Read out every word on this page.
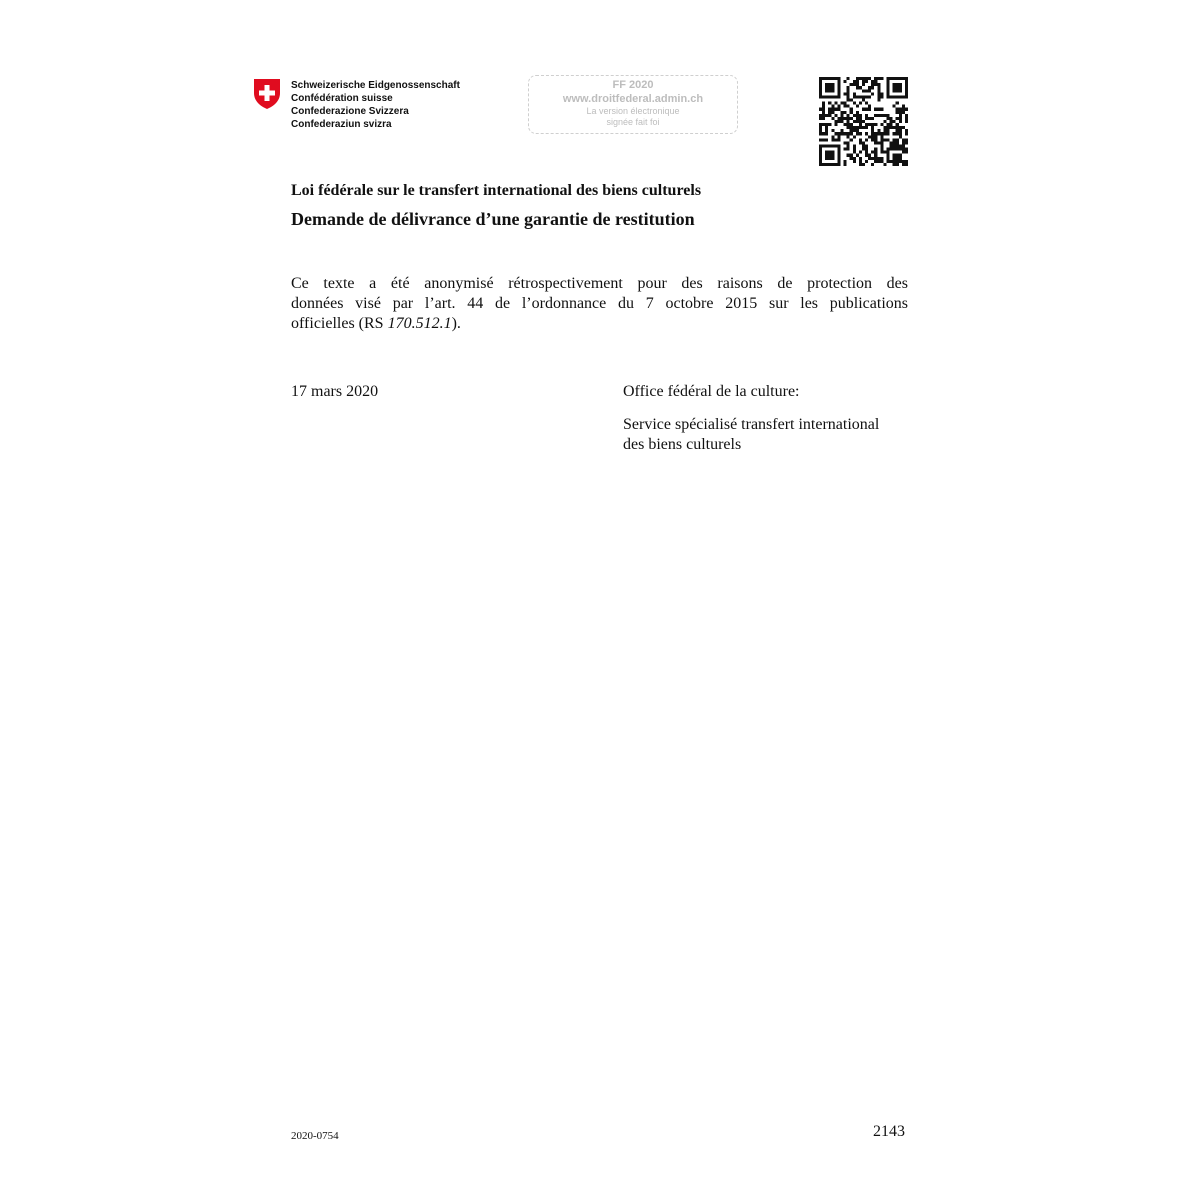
Schweizerische Eidgenossenschaft
Confédération suisse
Confederazione Svizzera
Confederaziun svizra
FF 2020
www.droitfederal.admin.ch
La version électronique
signée fait foi
Loi fédérale sur le transfert international des biens culturels
Demande de délivrance d’une garantie de restitution
Ce texte a été anonymisé rétrospectivement pour des raisons de protection des
données visé par l’art. 44 de l’ordonnance du 7 octobre 2015 sur les publications
officielles (RS 170.512.1).
17 mars 2020	Office fédéral de la culture:
Service spécialisé transfert international
des biens culturels
2020-0754	2143
